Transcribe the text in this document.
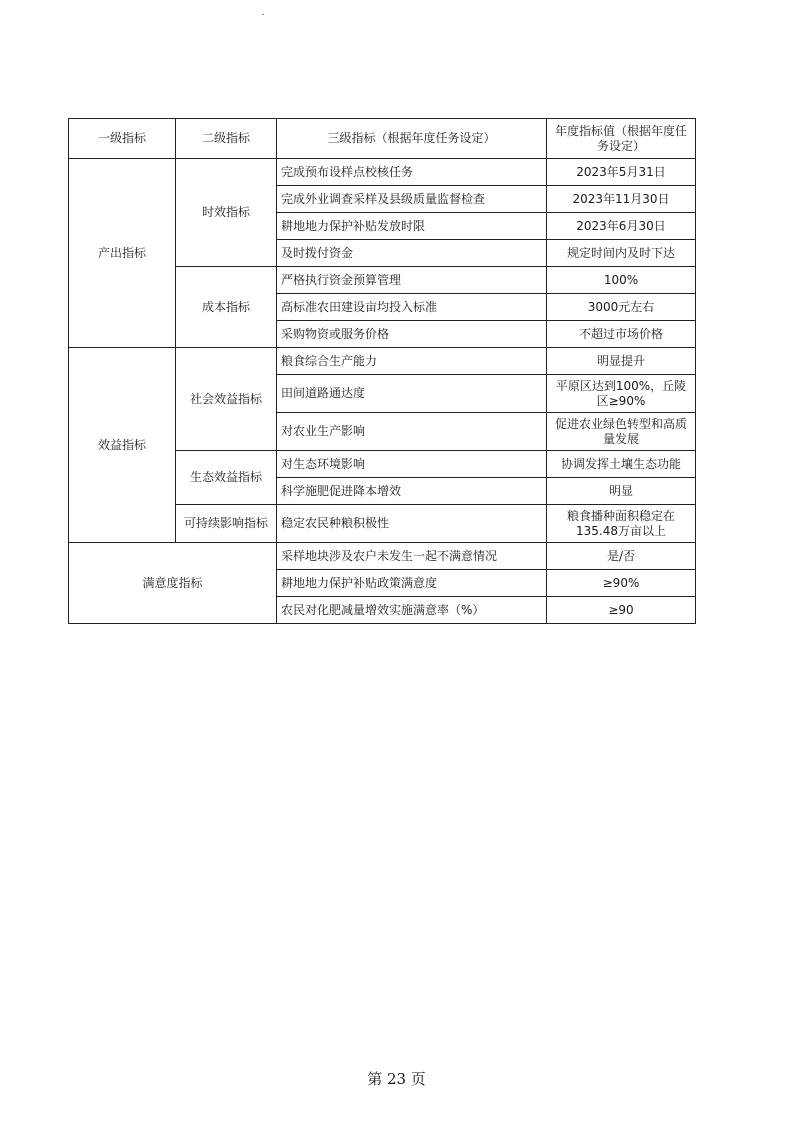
一级指标	二级指标	三级指标（根据年度任务设定）	年度指标值（根据年度任务设定）
产出指标	时效指标	完成预布设样点校核任务	2023年5月31日
		完成外业调查采样及县级质量监督检查	2023年11月30日
		耕地地力保护补贴发放时限	2023年6月30日
		及时拨付资金	规定时间内及时下达
	成本指标	严格执行资金预算管理	100%
		高标准农田建设亩均投入标准	3000元左右
		采购物资或服务价格	不超过市场价格
效益指标	社会效益指标	粮食综合生产能力	明显提升
		田间道路通达度	平原区达到100%，丘陵区≥90%
		对农业生产影响	促进农业绿色转型和高质量发展
	生态效益指标	对生态环境影响	协调发挥土壤生态功能
		科学施肥促进降本增效	明显
	可持续影响指标	稳定农民种粮积极性	粮食播种面积稳定在135.48万亩以上
满意度指标		采样地块涉及农户未发生一起不满意情况	是/否
		耕地地力保护补贴政策满意度	≥90%
		农民对化肥减量增效实施满意率（%）	≥90
第 23 页
